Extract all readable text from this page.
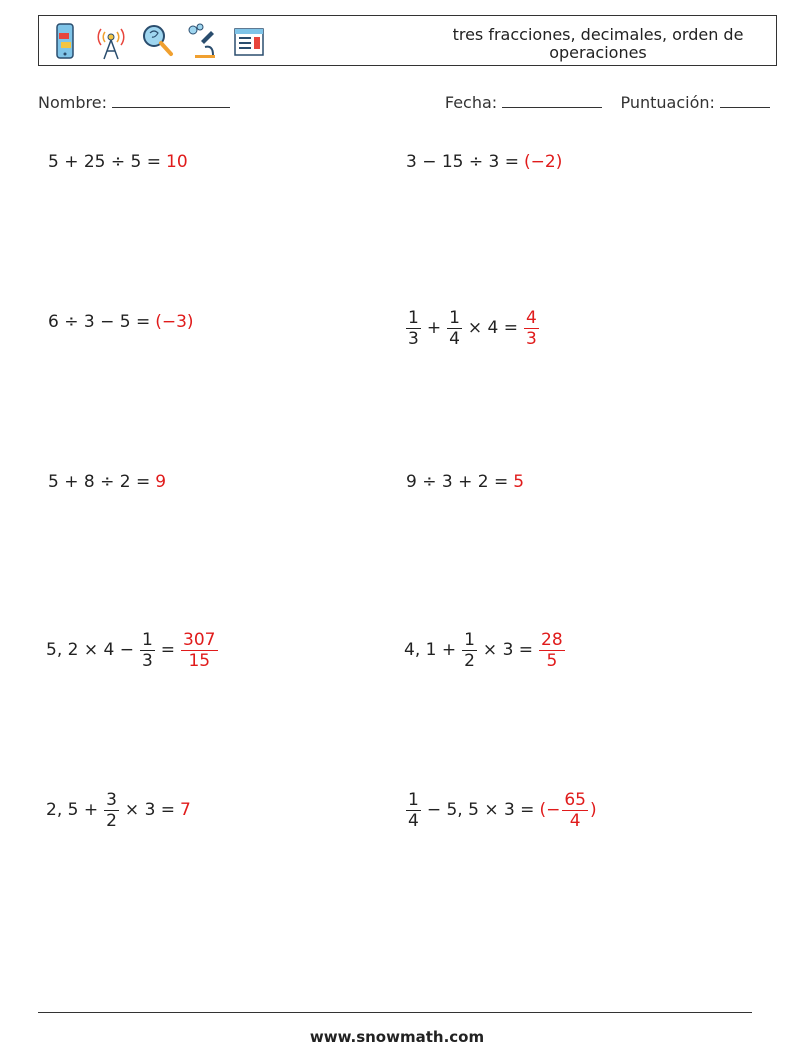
tres fracciones, decimales, orden de operaciones
Nombre:	Fecha:	Puntuación:
5 + 25 ÷ 5 = 10	3 − 15 ÷ 3 = (−2)
6 ÷ 3 − 5 = (−3)	$\frac{1}{3} + \frac{1}{4} \times 4 = \frac{4}{3}$
5 + 8 ÷ 2 = 9	9 ÷ 3 + 2 = 5
5, $2 \times 4 - \frac{1}{3} = \frac{307}{15}$	4, $1 + \frac{1}{2} \times 3 = \frac{28}{5}$
2, $5 + \frac{3}{2} \times 3 = 7$	$\frac{1}{4} - 5$, 5 × 3 = (− $\frac{65}{4}$ )
www.snowmath.com
